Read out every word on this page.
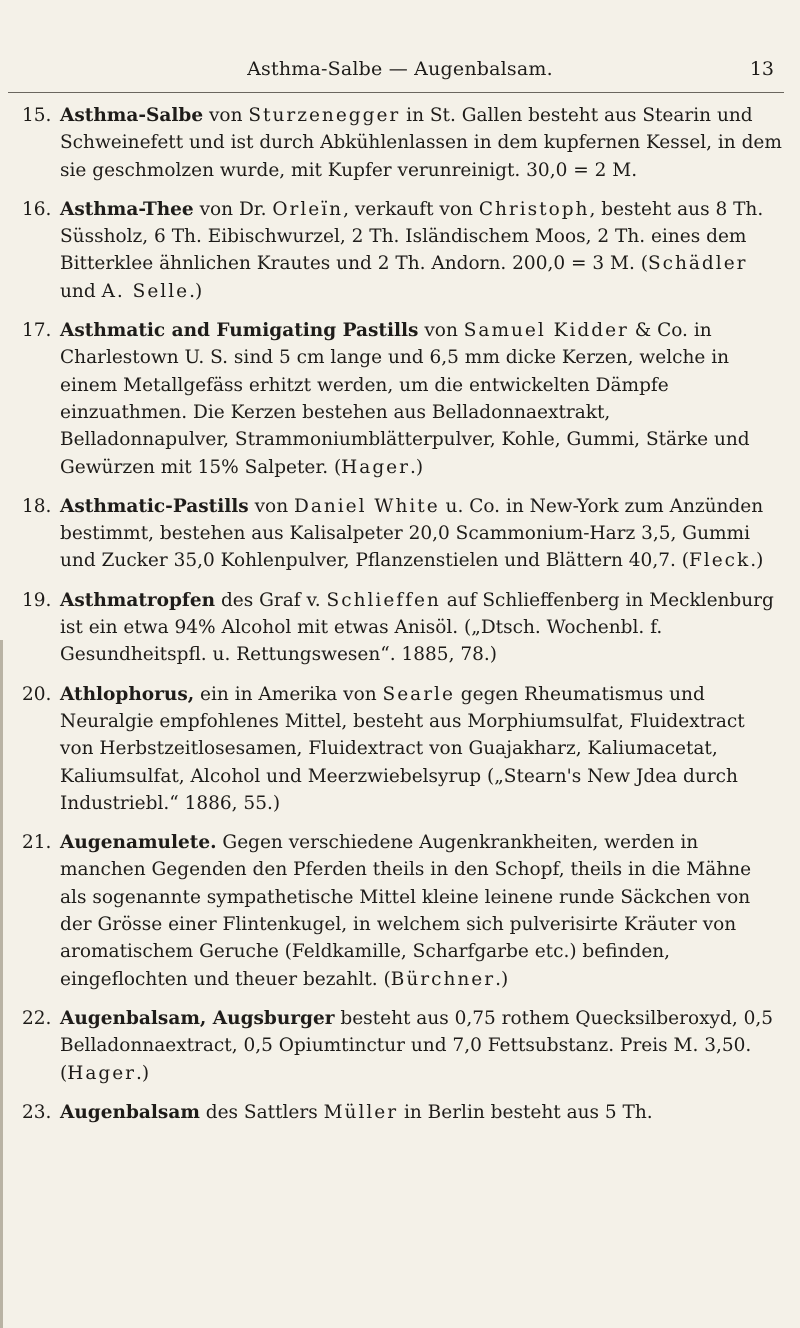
Asthma-Salbe — Augenbalsam.	13
15. Asthma-Salbe von Sturzenegger in St. Gallen besteht aus Stearin und Schweinefett und ist durch Abkühlenlassen in dem kupfernen Kessel, in dem sie geschmolzen wurde, mit Kupfer verunreinigt. 30,0 = 2 M.
16. Asthma-Thee von Dr. Orleïn, verkauft von Christoph, besteht aus 8 Th. Süssholz, 6 Th. Eibischwurzel, 2 Th. Isländischem Moos, 2 Th. eines dem Bitterklee ähnlichen Krautes und 2 Th. Andorn. 200,0 = 3 M. (Schädler und A. Selle.)
17. Asthmatic and Fumigating Pastills von Samuel Kidder & Co. in Charlestown U. S. sind 5 cm lange und 6,5 mm dicke Kerzen, welche in einem Metallgefäss erhitzt werden, um die entwickelten Dämpfe einzuathmen. Die Kerzen bestehen aus Belladonnaextrakt, Belladonnapulver, Strammoniumblätterpulver, Kohle, Gummi, Stärke und Gewürzen mit 15% Salpeter. (Hager.)
18. Asthmatic-Pastills von Daniel White u. Co. in New-York zum Anzünden bestimmt, bestehen aus Kalisalpeter 20,0 Scammonium-Harz 3,5, Gummi und Zucker 35,0 Kohlenpulver, Pflanzenstielen und Blättern 40,7. (Fleck.)
19. Asthmatropfen des Graf v. Schlieffen auf Schlieffenberg in Mecklenburg ist ein etwa 94% Alcohol mit etwas Anisöl. („Dtsch. Wochenbl. f. Gesundheitspfl. u. Rettungswesen“. 1885, 78.)
20. Athlophorus, ein in Amerika von Searle gegen Rheumatismus und Neuralgie empfohlenes Mittel, besteht aus Morphiumsulfat, Fluidextract von Herbstzeitlosesamen, Fluidextract von Guajakharz, Kaliumacetat, Kaliumsulfat, Alcohol und Meerzwiebelsyrup („Stearn's New Jdea durch Industriebl.“ 1886, 55.)
21. Augenamulete. Gegen verschiedene Augenkrankheiten, werden in manchen Gegenden den Pferden theils in den Schopf, theils in die Mähne als sogenannte sympathetische Mittel kleine leinene runde Säckchen von der Grösse einer Flintenkugel, in welchem sich pulverisirte Kräuter von aromatischem Geruche (Feldkamille, Scharfgarbe etc.) befinden, eingeflochten und theuer bezahlt. (Bürchner.)
22. Augenbalsam, Augsburger besteht aus 0,75 rothem Quecksilberoxyd, 0,5 Belladonnaextract, 0,5 Opiumtinctur und 7,0 Fettsubstanz. Preis M. 3,50. (Hager.)
23. Augenbalsam des Sattlers Müller in Berlin besteht aus 5 Th.
